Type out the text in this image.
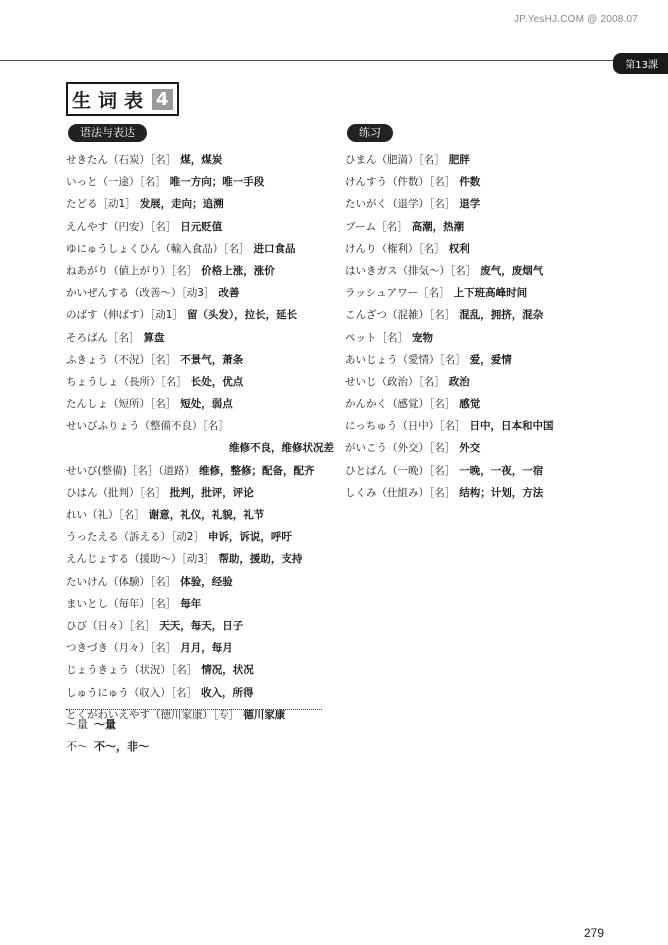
JP.YesHJ.COM @ 2008.07
第13課
生词表 4
语法与表达	练习
せきたん（石炭）［名］ 煤，煤炭
いっと（一途）［名］ 唯一方向；唯一手段
たどる［动1］ 发展，走向；追溯
えんやす（円安）［名］ 日元贬值
ゆにゅうしょくひん（輸入食品）［名］ 进口食品
ねあがり（値上がり）［名］ 价格上涨，涨价
かいぜんする（改善～）［动3］ 改善
のばす（伸ばす）［动1］ 留（头发），拉长，延长
そろばん［名］ 算盘
ふきょう（不況）［名］ 不景气，萧条
ちょうしょ（長所）［名］ 长处，优点
たんしょ（短所）［名］ 短处，弱点
せいびふりょう（整備不良）［名］
维修不良，维修状况差
せいび(整備)［名］（道路） 维修，整修；配备，配齐
ひはん（批判）［名］ 批判，批评，评论
れい（礼）［名］ 谢意，礼仪，礼貌，礼节
うったえる（訴える）［动2］ 申诉，诉说，呼吁
えんじょする（援助～）［动3］ 帮助，援助，支持
たいけん（体験）［名］ 体验，经验
まいとし（毎年）［名］ 每年
ひび（日々）［名］ 天天，每天，日子
つきづき（月々）［名］ 月月，每月
じょうきょう（状況）［名］ 情况，状况
しゅうにゅう（収入）［名］ 收入，所得
とくがわいえやす（徳川家康）［专］ 德川家康
ひまん（肥満）［名］ 肥胖
けんすう（件数）［名］ 件数
たいがく（退学）［名］ 退学
ブーム［名］ 高潮，热潮
けんり（権利）［名］ 权利
はいきガス（排気～）［名］ 废气，废烟气
ラッシュアワー［名］ 上下班高峰时间
こんざつ（混雑）［名］ 混乱，拥挤，混杂
ペット［名］ 宠物
あいじょう（愛情）［名］ 爱，爱情
せいじ（政治）［名］ 政治
かんかく（感覚）［名］ 感觉
にっちゅう（日中）［名］ 日中，日本和中国
がいこう（外交）［名］ 外交
ひとばん（一晩）［名］ 一晚，一夜，一宿
しくみ（仕組み）［名］ 结构；计划，方法
～量 ～量
不～ 不～，非～
279
